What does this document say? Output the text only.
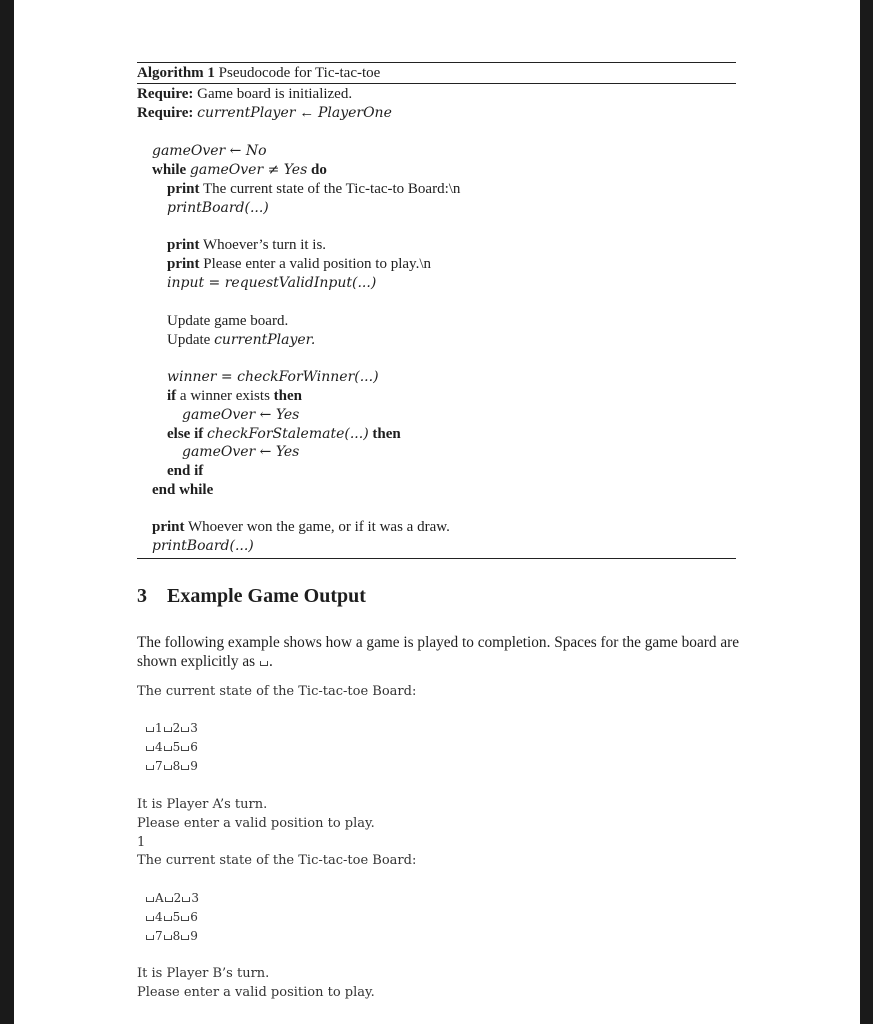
Algorithm 1 Pseudocode for Tic-tac-toe
Require: Game board is initialized.
Require: currentPlayer ← PlayerOne
gameOver ← No
while gameOver ≠ Yes do
print The current state of the Tic-tac-to Board:\n
printBoard(...)
print Whoever’s turn it is.
print Please enter a valid position to play.\n
input = requestValidInput(...)
Update game board.
Update currentPlayer.
winner = checkForWinner(...)
if a winner exists then
gameOver ← Yes
else if checkForStalemate(...) then
gameOver ← Yes
end if
end while
print Whoever won the game, or if it was a draw.
printBoard(...)
3 Example Game Output
The following example shows how a game is played to completion. Spaces for the game board are shown explicitly as .
The current state of the Tic-tac-toe Board:
1 2 3
4 5 6
7 8 9
It is Player A’s turn.
Please enter a valid position to play.
1
The current state of the Tic-tac-toe Board:
A 2 3
4 5 6
7 8 9
It is Player B’s turn.
Please enter a valid position to play.
